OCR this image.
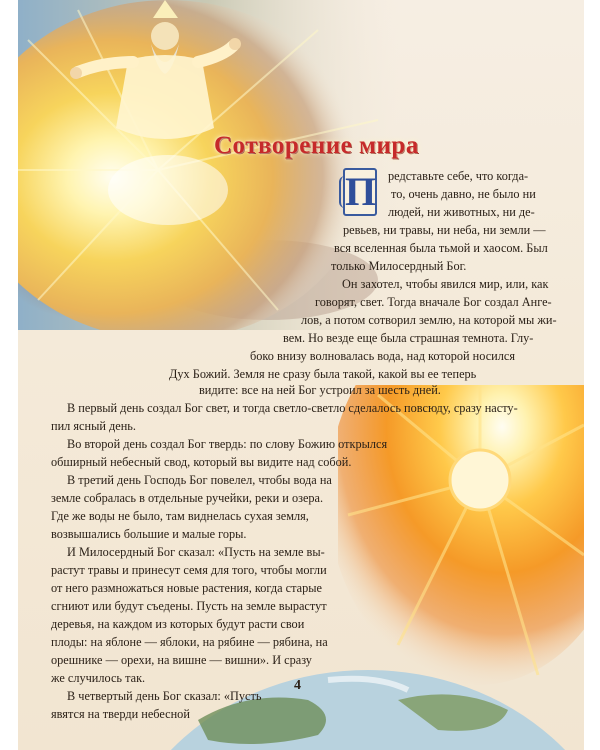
Сотворение мира
П редставьте себе, что когда-
то, очень давно, не было ни
людей, ни животных, ни де-
ревьев, ни травы, ни неба, ни земли —
вся вселенная была тьмой и хаосом. Был
только Милосердный Бог.
Он захотел, чтобы явился мир, или, как
говорят, свет. Тогда вначале Бог создал Анге-
лов, а потом сотворил землю, на которой мы жи-
вем. Но везде еще была страшная темнота. Глу-
боко внизу волновалась вода, над которой носился
Дух Божий. Земля не сразу была такой, какой вы ее теперь
видите: все на ней Бог устроил за шесть дней.
В первый день создал Бог свет, и тогда светло-светло сделалось повсюду, сразу насту-
пил ясный день.
Во второй день создал Бог твердь: по слову Божию открылся
обширный небесный свод, который вы видите над собой.
В третий день Господь Бог повелел, чтобы вода на
земле собралась в отдельные ручейки, реки и озера.
Где же воды не было, там виднелась сухая земля,
возвышались большие и малые горы.
И Милосердный Бог сказал: «Пусть на земле вы-
растут травы и принесут семя для того, чтобы могли
от него размножаться новые растения, когда старые
сгниют или будут съедены. Пусть на земле вырастут
деревья, на каждом из которых будут расти свои
плоды: на яблоне — яблоки, на рябине — рябина, на
орешнике — орехи, на вишне — вишни». И сразу
же случилось так.
В четвертый день Бог сказал: «Пусть
явятся на тверди небесной
4
